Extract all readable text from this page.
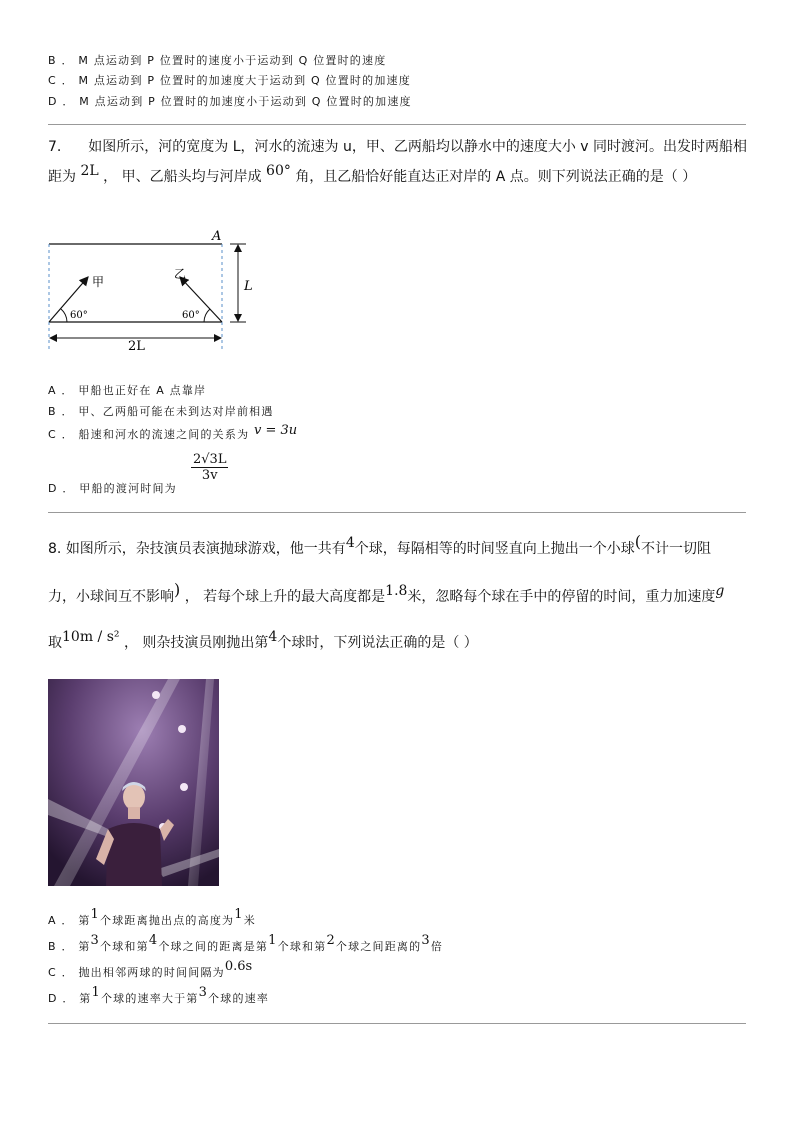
B ． M 点运动到 P 位置时的速度小于运动到 Q 位置时的速度
C ． M 点运动到 P 位置时的加速度大于运动到 Q 位置时的加速度
D ． M 点运动到 P 位置时的加速度小于运动到 Q 位置时的加速度
7. 如图所示，河的宽度为 L，河水的流速为 u，甲、乙两船均以静水中的速度大小 v 同时渡河。出发时两船相
距为 2L ， 甲、乙船头均与河岸成 60° 角，且乙船恰好能直达正对岸的 A 点。则下列说法正确的是（ ）
A
甲
乙
L
2L
60°	60°
A ． 甲船也正好在 A 点靠岸
B ． 甲、乙两船可能在未到达对岸前相遇
C ． 船速和河水的流速之间的关系为 v = 3u
D ． 甲船的渡河时间为
$\frac{2√3L}{3v}$
8. 如图所示，杂技演员表演抛球游戏，他一共有4个球，每隔相等的时间竖直向上抛出一个小球(不计一切阻
力，小球间互不影响) ， 若每个球上升的最大高度都是1.8米，忽略每个球在手中的停留的时间，重力加速度g
取10m / s² ， 则杂技演员刚抛出第4个球时，下列说法正确的是（ ）
A ． 第1个球距离抛出点的高度为1米
B ． 第3个球和第4个球之间的距离是第1个球和第2个球之间距离的3倍
C ． 抛出相邻两球的时间间隔为0.6s
D ． 第1个球的速率大于第3个球的速率
